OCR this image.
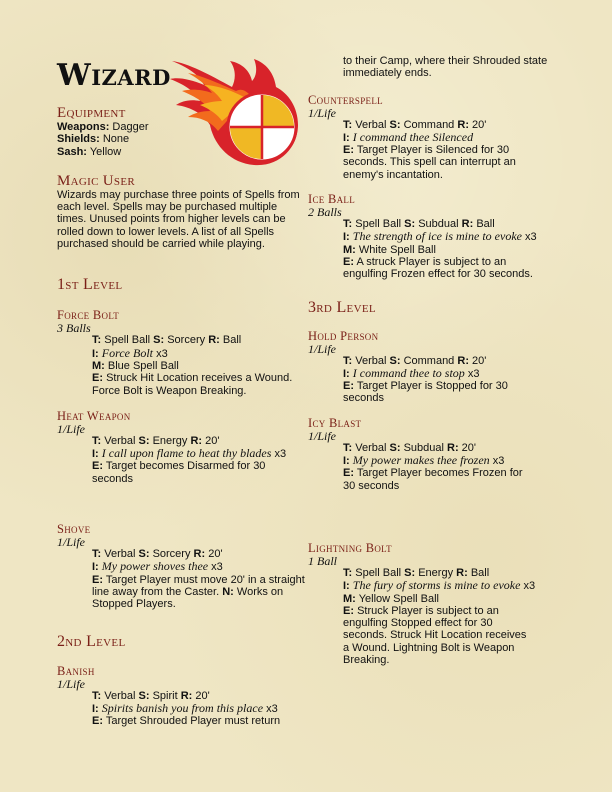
Wizard
Equipment
Weapons: Dagger
Shields: None
Sash: Yellow
Magic User
Wizards may purchase three points of Spells from each level. Spells may be purchased multiple times. Unused points from higher levels can be rolled down to lower levels. A list of all Spells purchased should be carried while playing.
1st Level
Force Bolt
3 Balls
T: Spell Ball S: Sorcery R: Ball
I: Force Bolt x3
M: Blue Spell Ball
E: Struck Hit Location receives a Wound. Force Bolt is Weapon Breaking.
Heat Weapon
1/Life
T: Verbal S: Energy R: 20'
I: I call upon flame to heat thy blades x3
E: Target becomes Disarmed for 30 seconds
Shove
1/Life
T: Verbal S: Sorcery R: 20'
I: My power shoves thee x3
E: Target Player must move 20' in a straight line away from the Caster. N: Works on Stopped Players.
2nd Level
Banish
1/Life
T: Verbal S: Spirit R: 20'
I: Spirits banish you from this place x3
E: Target Shrouded Player must return
to their Camp, where their Shrouded state immediately ends.
Counterspell
1/Life
T: Verbal S: Command R: 20'
I: I command thee Silenced
E: Target Player is Silenced for 30 seconds. This spell can interrupt an enemy's incantation.
Ice Ball
2 Balls
T: Spell Ball S: Subdual R: Ball
I: The strength of ice is mine to evoke x3
M: White Spell Ball
E: A struck Player is subject to an engulfing Frozen effect for 30 seconds.
3rd Level
Hold Person
1/Life
T: Verbal S: Command R: 20'
I: I command thee to stop x3
E: Target Player is Stopped for 30 seconds
Icy Blast
1/Life
T: Verbal S: Subdual R: 20'
I: My power makes thee frozen x3
E: Target Player becomes Frozen for 30 seconds
Lightning Bolt
1 Ball
T: Spell Ball S: Energy R: Ball
I: The fury of storms is mine to evoke x3
M: Yellow Spell Ball
E: Struck Player is subject to an engulfing Stopped effect for 30 seconds. Struck Hit Location receives a Wound. Lightning Bolt is Weapon Breaking.
